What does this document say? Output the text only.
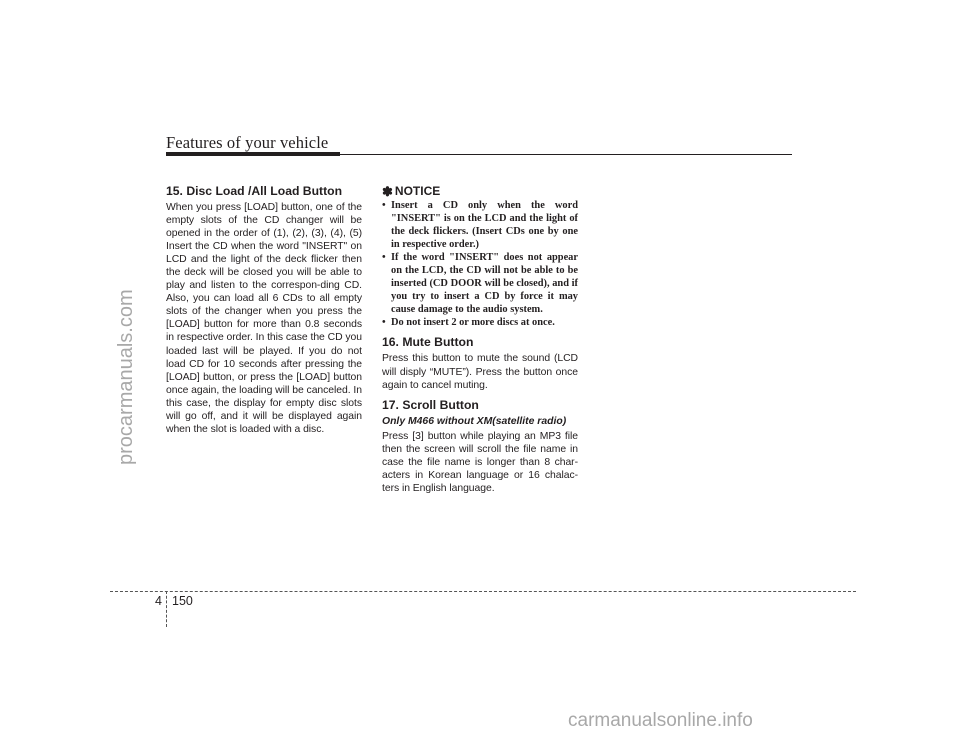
Features of your vehicle
procarmanuals.com
15. Disc Load /All Load Button

When you press [LOAD] button, one of the empty slots of the CD changer will be opened in the order of (1), (2), (3), (4), (5) Insert the CD when the word "INSERT" on LCD and the light of the deck flicker then the deck will be closed you will be able to play and listen to the correspon-ding CD. Also, you can load all 6 CDs to all empty slots of the changer when you press the [LOAD] button for more than 0.8 seconds in respective order. In this case the CD you loaded last will be played. If you do not load CD for 10 seconds after pressing the [LOAD] button, or press the [LOAD] button once again, the loading will be canceled. In this case, the display for empty disc slots will go off, and it will be displayed again when the slot is loaded with a disc.

✽ NOTICE
• Insert a CD only when the word "INSERT" is on the LCD and the light of the deck flickers. (Insert CDs one by one in respective order.)
• If the word "INSERT" does not appear on the LCD, the CD will not be able to be inserted (CD DOOR will be closed), and if you try to insert a CD by force it may cause damage to the audio system.
• Do not insert 2 or more discs at once.
16. Mute Button

Press this button to mute the sound (LCD will disply “MUTE”). Press the button once again to cancel muting.

17. Scroll Button

Only M466 without XM(satellite radio)

Press [3] button while playing an MP3 file then the screen will scroll the file name in case the file name is longer than 8 char-acters in Korean language or 16 chalac-ters in English language.

4 150
carmanualsonline.info
